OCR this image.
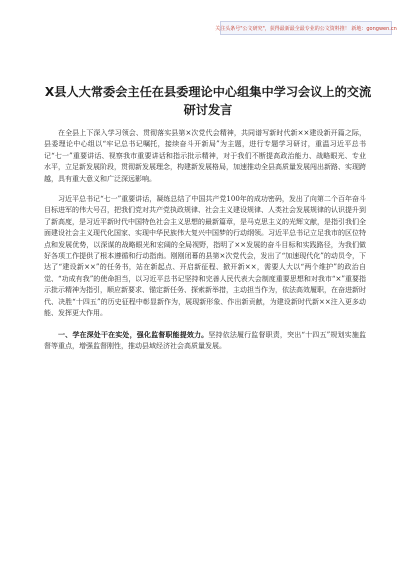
关注头条号"公文研究"，获得最新最全最专业的公文资料推！ 新地：gongwen.cn
X县人大常委会主任在县委理论中心组集中学习会议上的交流研讨发言

在全县上下深入学习领会、贯彻落实县第×次党代会精神，共同谱写新时代新××建设新开篇之际，县委理论中心组以“牢记总书记嘱托，接续奋斗开新局”为主题，进行专题学习研讨，重温习近平总书记“七一”重要讲话、视察我市重要讲话和指示批示精神，对于我们不断提高政治能力、战略眼光、专业水平，立足新发展阶段，贯彻新发展理念，构建新发展格局，加速推动全县高质量发展闯出新路、实现跨越，具有重大意义和广泛深远影响。

习近平总书记“七一”重要讲话，凝练总结了中国共产党100年的成功密码，发出了向第二个百年奋斗目标进军的伟大号召，把我们党对共产党执政规律、社会主义建设规律、人类社会发展规律的认识提升到了新高度，是习近平新时代中国特色社会主义思想的最新篇章，是马克思主义的光辉文献，是指引我们全面建设社会主义现代化国家、实现中华民族伟大复兴中国梦的行动纲领。习近平总书记立足我市的区位特点和发展优势，以深谋的战略眼光和宏阔的全局视野，指明了××发展的奋斗目标和实践路径，为我们做好各项工作提供了根本遵循和行动指南。刚刚闭幕的县第×次党代会，发出了“加速现代化”的动员令，下达了“建设新××”的任务书，站在新起点、开启新征程、掀开新××，需要人大以“两个维护”的政治自觉、“功成有我”的使命担当，以习近平总书记坚持和完善人民代表大会制度重要思想和对我市“×”重要指示批示精神为指引，顺应新要求、锚定新任务、探索新举措，主动担当作为，依法高效履职，在奋进新时代、决胜“十四五”的历史征程中彰显新作为，展现新形象、作出新贡献，为建设新时代新××注入更多动能、发挥更大作用。

一、学在深处干在实处，强化监督职能提效力。坚持依法履行监督职责，突出“十四五”规划实施监督等重点，增强监督刚性，推动县域经济社会高质量发展。
